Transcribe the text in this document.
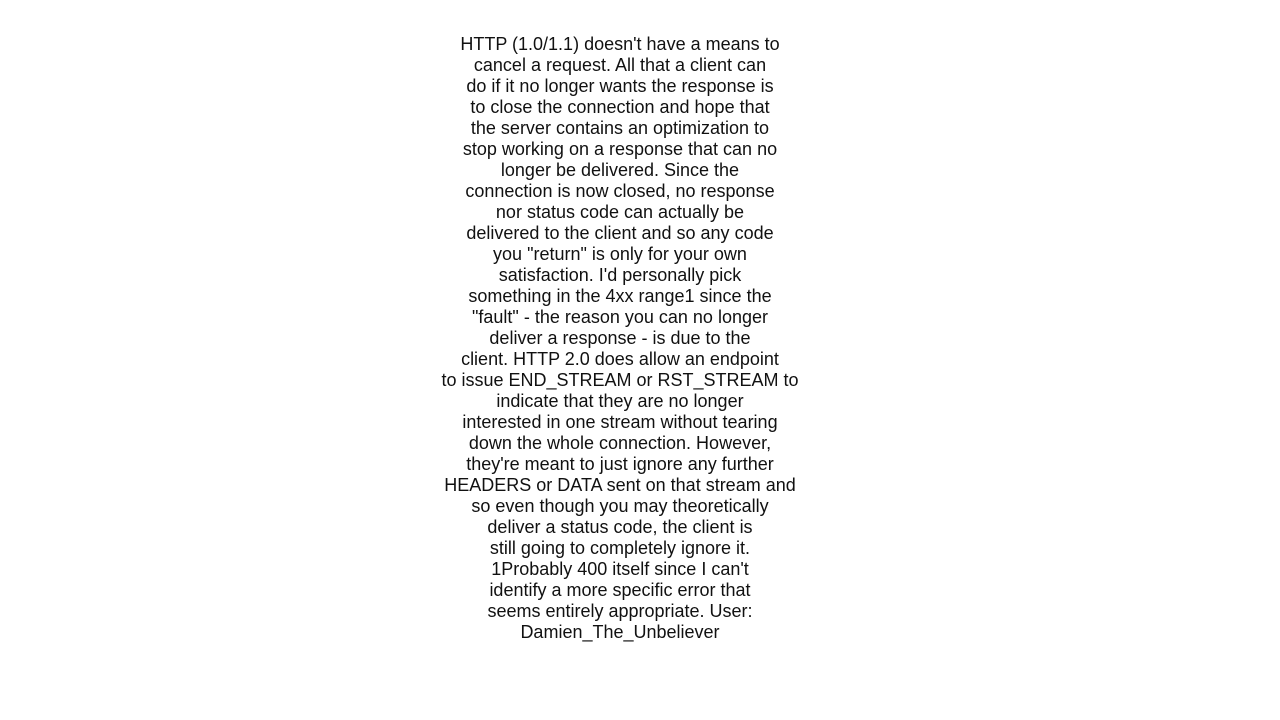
HTTP (1.0/1.1) doesn't have a means to
cancel a request. All that a client can
do if it no longer wants the response is
to close the connection and hope that
the server contains an optimization to
stop working on a response that can no
longer be delivered. Since the
connection is now closed, no response
nor status code can actually be
delivered to the client and so any code
you "return" is only for your own
satisfaction. I'd personally pick
something in the 4xx range1 since the
"fault" - the reason you can no longer
deliver a response - is due to the
client. HTTP 2.0 does allow an endpoint
to issue END_STREAM or RST_STREAM to
indicate that they are no longer
interested in one stream without tearing
down the whole connection. However,
they're meant to just ignore any further
HEADERS or DATA sent on that stream and
so even though you may theoretically
deliver a status code, the client is
still going to completely ignore it.
1Probably 400 itself since I can't
identify a more specific error that
seems entirely appropriate. User:
Damien_The_Unbeliever
